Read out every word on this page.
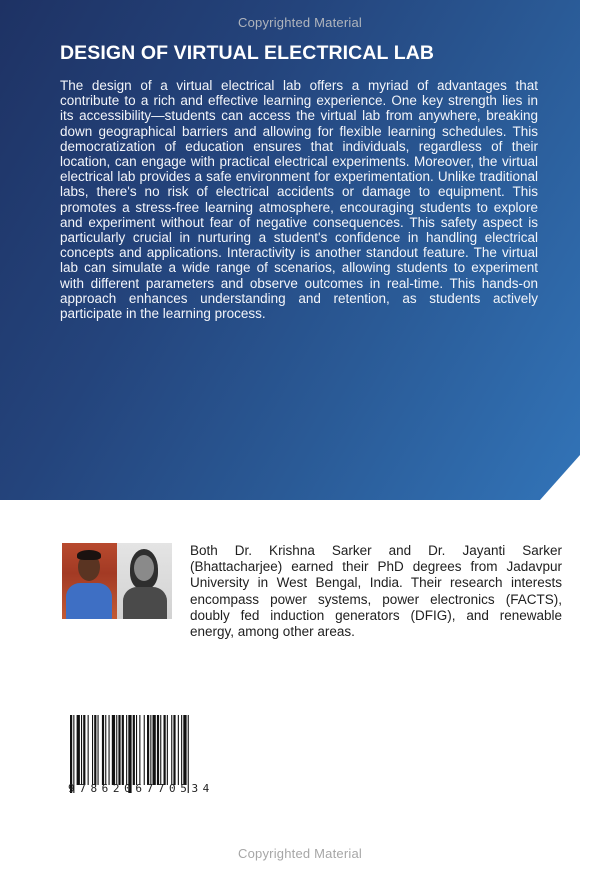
DESIGN OF VIRTUAL ELECTRICAL LAB

The design of a virtual electrical lab offers a myriad of advantages that contribute to a rich and effective learning experience. One key strength lies in its accessibility—students can access the virtual lab from anywhere, breaking down geographical barriers and allowing for flexible learning schedules. This democratization of education ensures that individuals, regardless of their location, can engage with practical electrical experiments. Moreover, the virtual electrical lab provides a safe environment for experimentation. Unlike traditional labs, there's no risk of electrical accidents or damage to equipment. This promotes a stress-free learning atmosphere, encouraging students to explore and experiment without fear of negative consequences. This safety aspect is particularly crucial in nurturing a student's confidence in handling electrical concepts and applications. Interactivity is another standout feature. The virtual lab can simulate a wide range of scenarios, allowing students to experiment with different parameters and observe outcomes in real-time. This hands-on approach enhances understanding and retention, as students actively participate in the learning process.

Copyrighted Material

Both Dr. Krishna Sarker and Dr. Jayanti Sarker (Bhattacharjee) earned their PhD degrees from Jadavpur University in West Bengal, India. Their research interests encompass power systems, power electronics (FACTS), doubly fed induction generators (DFIG), and renewable energy, among other areas.

9786206770534
Copyrighted Material
